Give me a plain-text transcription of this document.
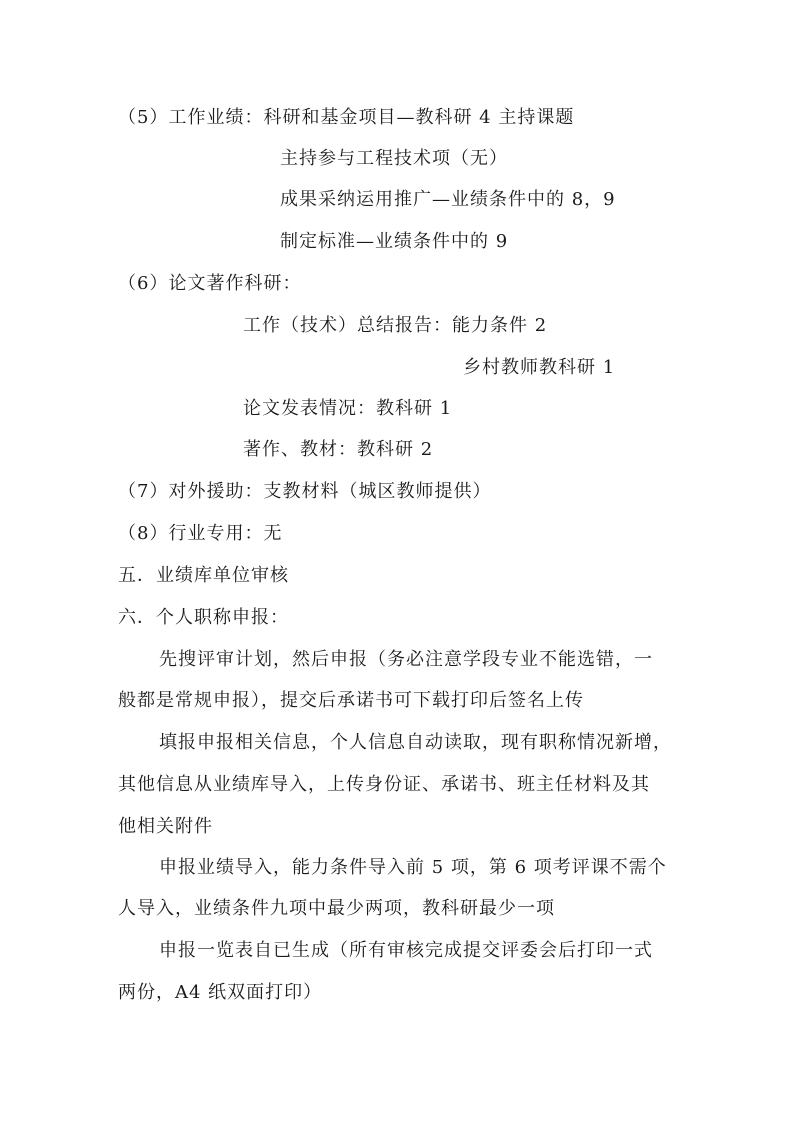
（5）工作业绩：科研和基金项目—教科研 4 主持课题
主持参与工程技术项（无）
成果采纳运用推广—业绩条件中的 8，9
制定标准—业绩条件中的 9
（6）论文著作科研：
工作（技术）总结报告：能力条件 2
乡村教师教科研 1
论文发表情况：教科研 1
著作、教材：教科研 2
（7）对外援助：支教材料（城区教师提供）
（8）行业专用：无
五．业绩库单位审核
六．个人职称申报：
先搜评审计划，然后申报（务必注意学段专业不能选错，一
般都是常规申报），提交后承诺书可下载打印后签名上传
填报申报相关信息，个人信息自动读取，现有职称情况新增，
其他信息从业绩库导入，上传身份证、承诺书、班主任材料及其
他相关附件
申报业绩导入，能力条件导入前 5 项，第 6 项考评课不需个
人导入，业绩条件九项中最少两项，教科研最少一项
申报一览表自已生成（所有审核完成提交评委会后打印一式
两份，A4 纸双面打印）
